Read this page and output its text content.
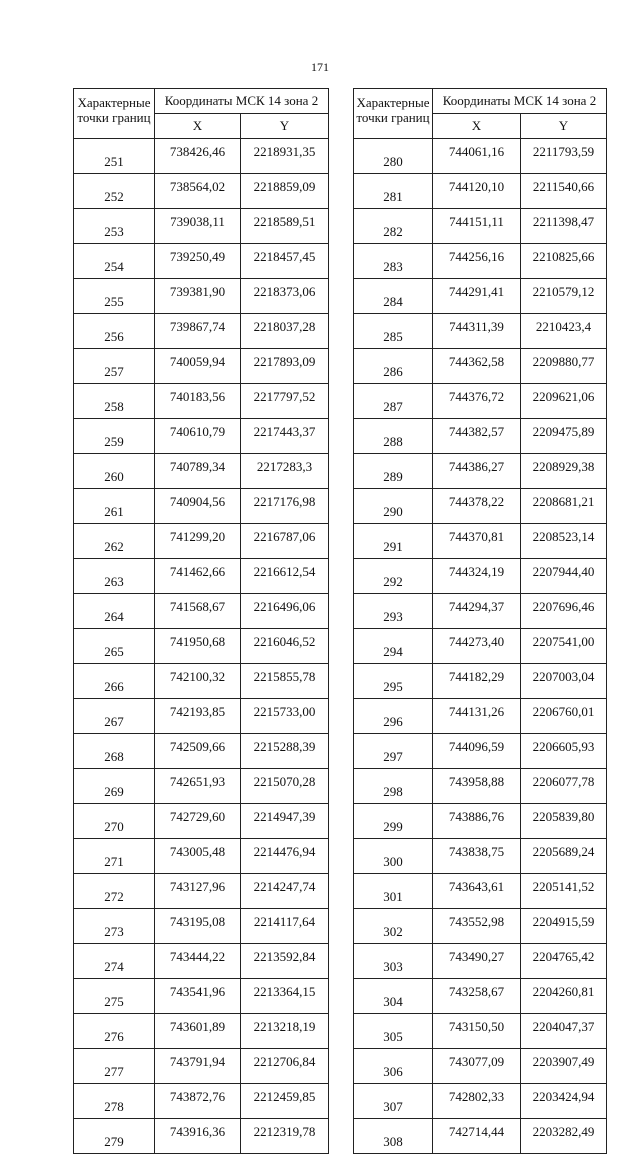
171
Характерные точки границ	Координаты МСК 14 зона 2	
	X	Y
251	738426,46	2218931,35
252	738564,02	2218859,09
253	739038,11	2218589,51
254	739250,49	2218457,45
255	739381,90	2218373,06
256	739867,74	2218037,28
257	740059,94	2217893,09
258	740183,56	2217797,52
259	740610,79	2217443,37
260	740789,34	2217283,3
261	740904,56	2217176,98
262	741299,20	2216787,06
263	741462,66	2216612,54
264	741568,67	2216496,06
265	741950,68	2216046,52
266	742100,32	2215855,78
267	742193,85	2215733,00
268	742509,66	2215288,39
269	742651,93	2215070,28
270	742729,60	2214947,39
271	743005,48	2214476,94
272	743127,96	2214247,74
273	743195,08	2214117,64
274	743444,22	2213592,84
275	743541,96	2213364,15
276	743601,89	2213218,19
277	743791,94	2212706,84
278	743872,76	2212459,85
279	743916,36	2212319,78
Характерные точки границ	Координаты МСК 14 зона 2	
	X	Y
280	744061,16	2211793,59
281	744120,10	2211540,66
282	744151,11	2211398,47
283	744256,16	2210825,66
284	744291,41	2210579,12
285	744311,39	2210423,4
286	744362,58	2209880,77
287	744376,72	2209621,06
288	744382,57	2209475,89
289	744386,27	2208929,38
290	744378,22	2208681,21
291	744370,81	2208523,14
292	744324,19	2207944,40
293	744294,37	2207696,46
294	744273,40	2207541,00
295	744182,29	2207003,04
296	744131,26	2206760,01
297	744096,59	2206605,93
298	743958,88	2206077,78
299	743886,76	2205839,80
300	743838,75	2205689,24
301	743643,61	2205141,52
302	743552,98	2204915,59
303	743490,27	2204765,42
304	743258,67	2204260,81
305	743150,50	2204047,37
306	743077,09	2203907,49
307	742802,33	2203424,94
308	742714,44	2203282,49
